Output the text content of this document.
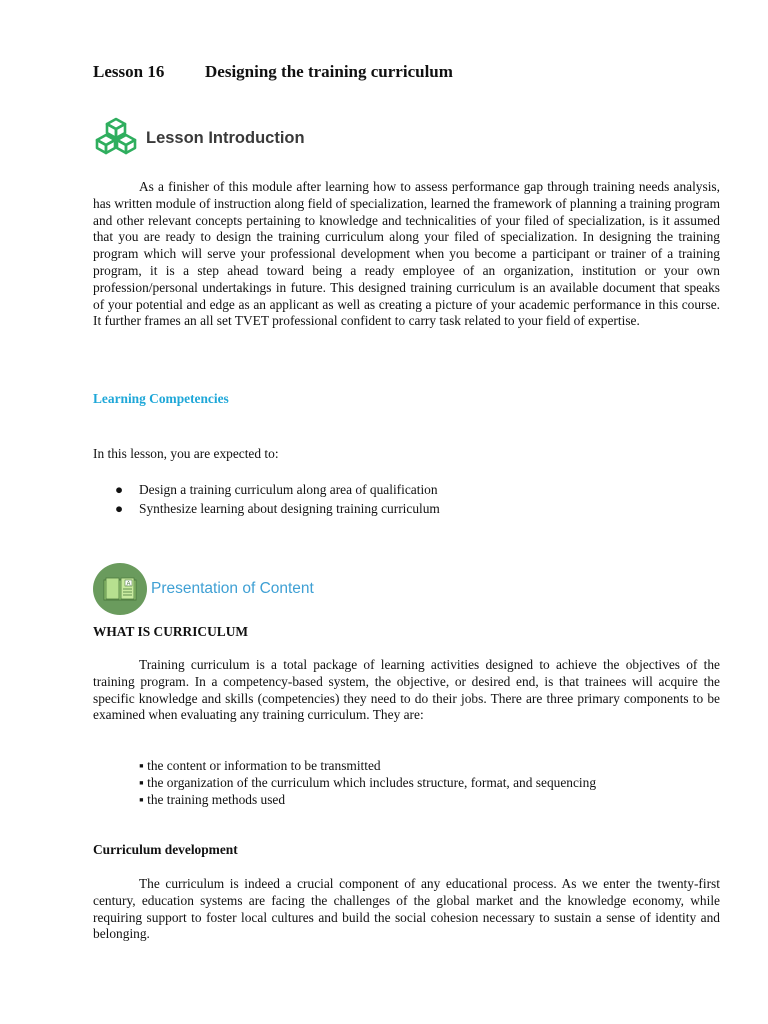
Lesson 16 Designing the training curriculum
Lesson Introduction

As a finisher of this module after learning how to assess performance gap through training needs analysis, has written module of instruction along field of specialization, learned the framework of planning a training program and other relevant concepts pertaining to knowledge and technicalities of your filed of specialization, is it assumed that you are ready to design the training curriculum along your filed of specialization. In designing the training program which will serve your professional development when you become a participant or trainer of a training program, it is a step ahead toward being a ready employee of an organization, institution or your own profession/personal undertakings in future. This designed training curriculum is an available document that speaks of your potential and edge as an applicant as well as creating a picture of your academic performance in this course. It further frames an all set TVET professional confident to carry task related to your field of expertise.

Learning Competencies

In this lesson, you are expected to:

●	Design a training curriculum along area of qualification
●	Synthesize learning about designing training curriculum
A Presentation of Content

WHAT IS CURRICULUM

Training curriculum is a total package of learning activities designed to achieve the objectives of the training program. In a competency-based system, the objective, or desired end, is that trainees will acquire the specific knowledge and skills (competencies) they need to do their jobs. There are three primary components to be examined when evaluating any training curriculum. They are:

▪ the content or information to be transmitted
▪ the organization of the curriculum which includes structure, format, and sequencing
▪ the training methods used

Curriculum development

The curriculum is indeed a crucial component of any educational process. As we enter the twenty-first century, education systems are facing the challenges of the global market and the knowledge economy, while requiring support to foster local cultures and build the social cohesion necessary to sustain a sense of identity and belonging.
